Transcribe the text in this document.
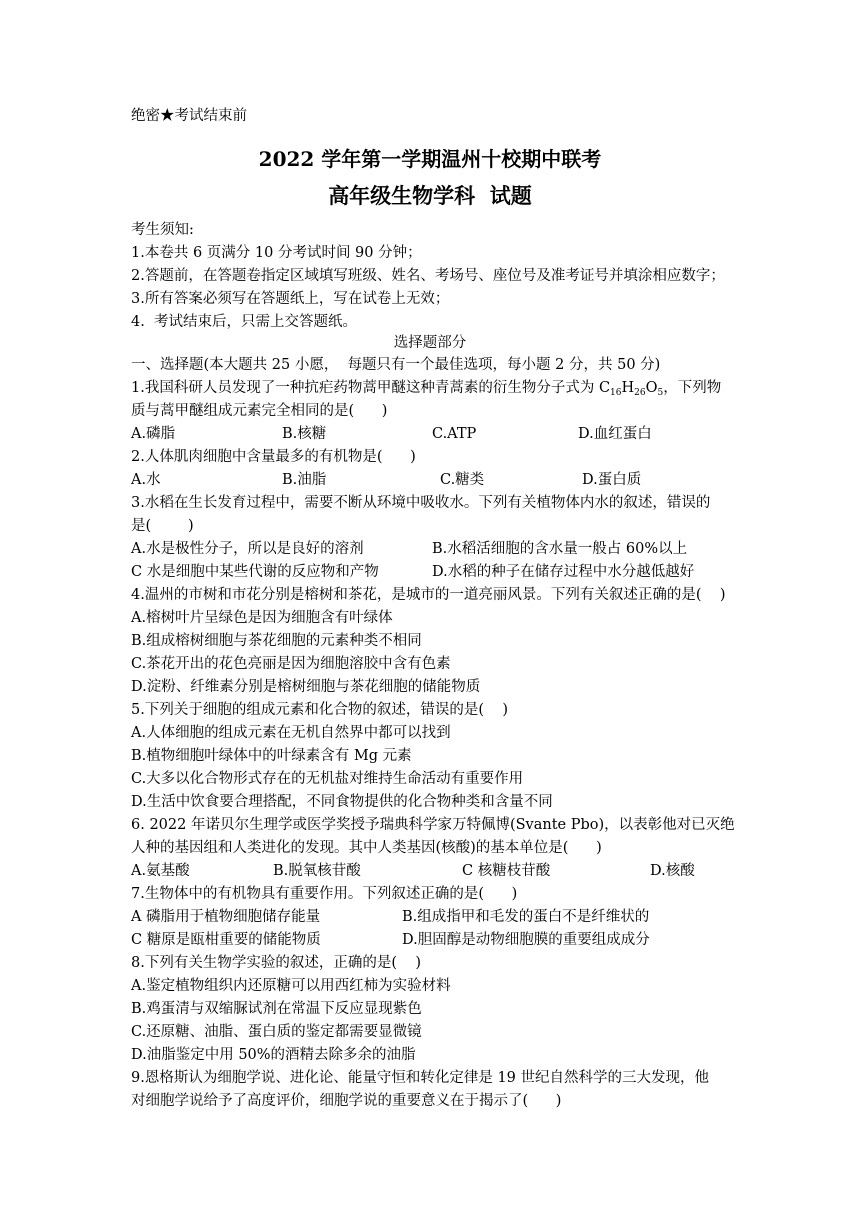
绝密★考试结束前
2022 学年第一学期温州十校期中联考
高年级生物学科  试题
考生须知:
1.本卷共 6 页满分 10 分考试时间 90 分钟；
2.答题前，在答题卷指定区域填写班级、姓名、考场号、座位号及准考证号并填涂相应数字；
3.所有答案必须写在答题纸上，写在试卷上无效；
4.  考试结束后，只需上交答题纸。
选择题部分
一、选择题(本大题共 25 小愿，  每题只有一个最佳选项，每小题 2 分，共 50 分)
1.我国科研人员发现了一种抗疟药物蒿甲醚这种青蒿素的衍生物分子式为 $C_{16}H_{26}O_5$，下列物
质与蒿甲醚组成元素完全相同的是(      )
A.磷脂	B.核糖	C.ATP	D.血红蛋白
2.人体肌肉细胞中含量最多的有机物是(      )
A.水	B.油脂	C.糖类	D.蛋白质
3.水稻在生长发育过程中，需要不断从环境中吸收水。下列有关植物体内水的叙述，错误的
是(        )
A.水是极性分子，所以是良好的溶剂	B.水稻活细胞的含水量一般占 60%以上
C 水是细胞中某些代谢的反应物和产物	D.水稻的种子在储存过程中水分越低越好
4.温州的市树和市花分别是榕树和茶花，是城市的一道亮丽风景。下列有关叙述正确的是(    )
A.榕树叶片呈绿色是因为细胞含有叶绿体
B.组成榕树细胞与茶花细胞的元素种类不相同
C.茶花开出的花色亮丽是因为细胞溶胶中含有色素
D.淀粉、纤维素分别是榕树细胞与茶花细胞的储能物质
5.下列关于细胞的组成元素和化合物的叙述，错误的是(    )
A.人体细胞的组成元素在无机自然界中都可以找到
B.植物细胞叶绿体中的叶绿素含有 Mg 元素
C.大多以化合物形式存在的无机盐对维持生命活动有重要作用
D.生活中饮食要合理搭配，不同食物提供的化合物种类和含量不同
6. 2022 年诺贝尔生理学或医学奖授予瑞典科学家万特佩博(Svante Pbo)，以表彰他对已灭绝
人种的基因组和人类进化的发现。其中人类基因(核酸)的基本单位是(      )
A.氨基酸	B.脱氧核苷酸	C 核糖枝苷酸	D.核酸
7.生物体中的有机物具有重要作用。下列叙述正确的是(      )
A 磷脂用于植物细胞储存能量	B.组成指甲和毛发的蛋白不是纤维状的
C 糖原是瓯柑重要的储能物质	D.胆固醇是动物细胞膜的重要组成成分
8.下列有关生物学实验的叙述，正确的是(    )
A.鉴定植物组织内还原糖可以用西红柿为实验材料
B.鸡蛋清与双缩脲试剂在常温下反应显现紫色
C.还原糖、油脂、蛋白质的鉴定都需要显微镜
D.油脂鉴定中用 50%的酒精去除多余的油脂
9.恩格斯认为细胞学说、进化论、能量守恒和转化定律是 19 世纪自然科学的三大发现，他
对细胞学说给予了高度评价，细胞学说的重要意义在于揭示了(      )
